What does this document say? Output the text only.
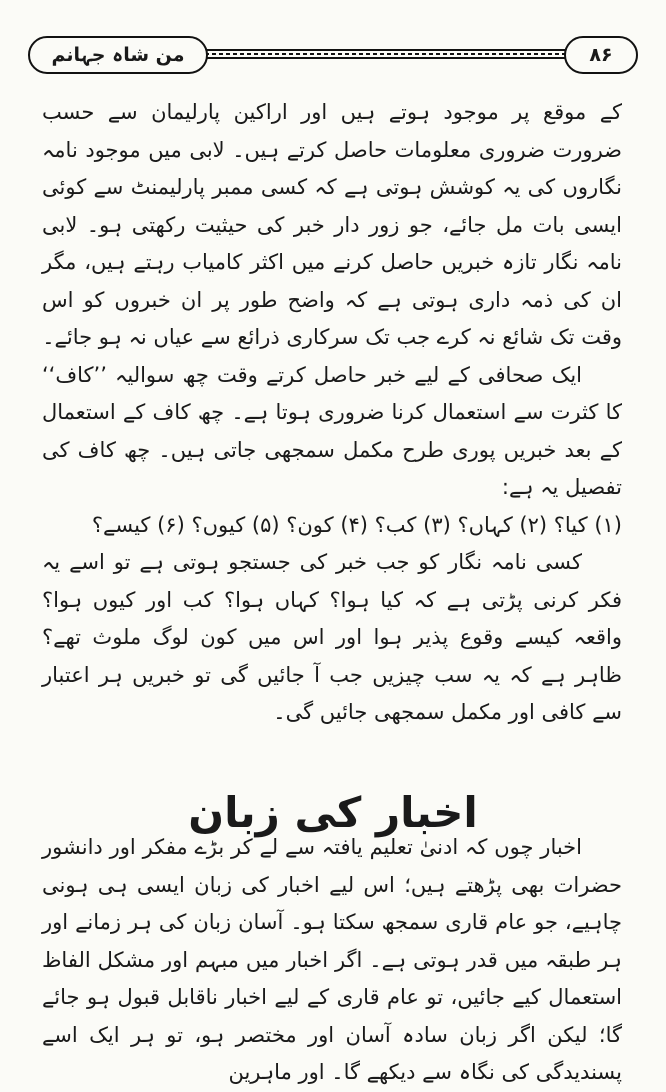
۸۶
من شاہ جہانم

کے موقع پر موجود ہوتے ہیں اور اراکین پارلیمان سے حسب ضرورت ضروری معلومات حاصل کرتے ہیں۔ لابی میں موجود نامہ نگاروں کی یہ کوشش ہوتی ہے کہ کسی ممبر پارلیمنٹ سے کوئی ایسی بات مل جائے، جو زور دار خبر کی حیثیت رکھتی ہو۔ لابی نامہ نگار تازہ خبریں حاصل کرنے میں اکثر کامیاب رہتے ہیں، مگر ان کی ذمہ داری ہوتی ہے کہ واضح طور پر ان خبروں کو اس وقت تک شائع نہ کرے جب تک سرکاری ذرائع سے عیاں نہ ہو جائے۔

ایک صحافی کے لیے خبر حاصل کرتے وقت چھ سوالیہ ’’کاف‘‘ کا کثرت سے استعمال کرنا ضروری ہوتا ہے۔ چھ کاف کے استعمال کے بعد خبریں پوری طرح مکمل سمجھی جاتی ہیں۔ چھ کاف کی تفصیل یہ ہے:

(۱) کیا؟ (۲) کہاں؟ (۳) کب؟ (۴) کون؟ (۵) کیوں؟ (۶) کیسے؟

کسی نامہ نگار کو جب خبر کی جستجو ہوتی ہے تو اسے یہ فکر کرنی پڑتی ہے کہ کیا ہوا؟ کہاں ہوا؟ کب اور کیوں ہوا؟ واقعہ کیسے وقوع پذیر ہوا اور اس میں کون لوگ ملوث تھے؟ ظاہر ہے کہ یہ سب چیزیں جب آ جائیں گی تو خبریں ہر اعتبار سے کافی اور مکمل سمجھی جائیں گی۔

اخبار کی زبان

اخبار چوں کہ ادنیٰ تعلیم یافتہ سے لے کر بڑے مفکر اور دانشور حضرات بھی پڑھتے ہیں؛ اس لیے اخبار کی زبان ایسی ہی ہونی چاہیے، جو عام قاری سمجھ سکتا ہو۔ آسان زبان کی ہر زمانے اور ہر طبقہ میں قدر ہوتی ہے۔ اگر اخبار میں مبہم اور مشکل الفاظ استعمال کیے جائیں، تو عام قاری کے لیے اخبار ناقابل قبول ہو جائے گا؛ لیکن اگر زبان سادہ آسان اور مختصر ہو، تو ہر ایک اسے پسندیدگی کی نگاہ سے دیکھے گا۔ اور ماہرین
